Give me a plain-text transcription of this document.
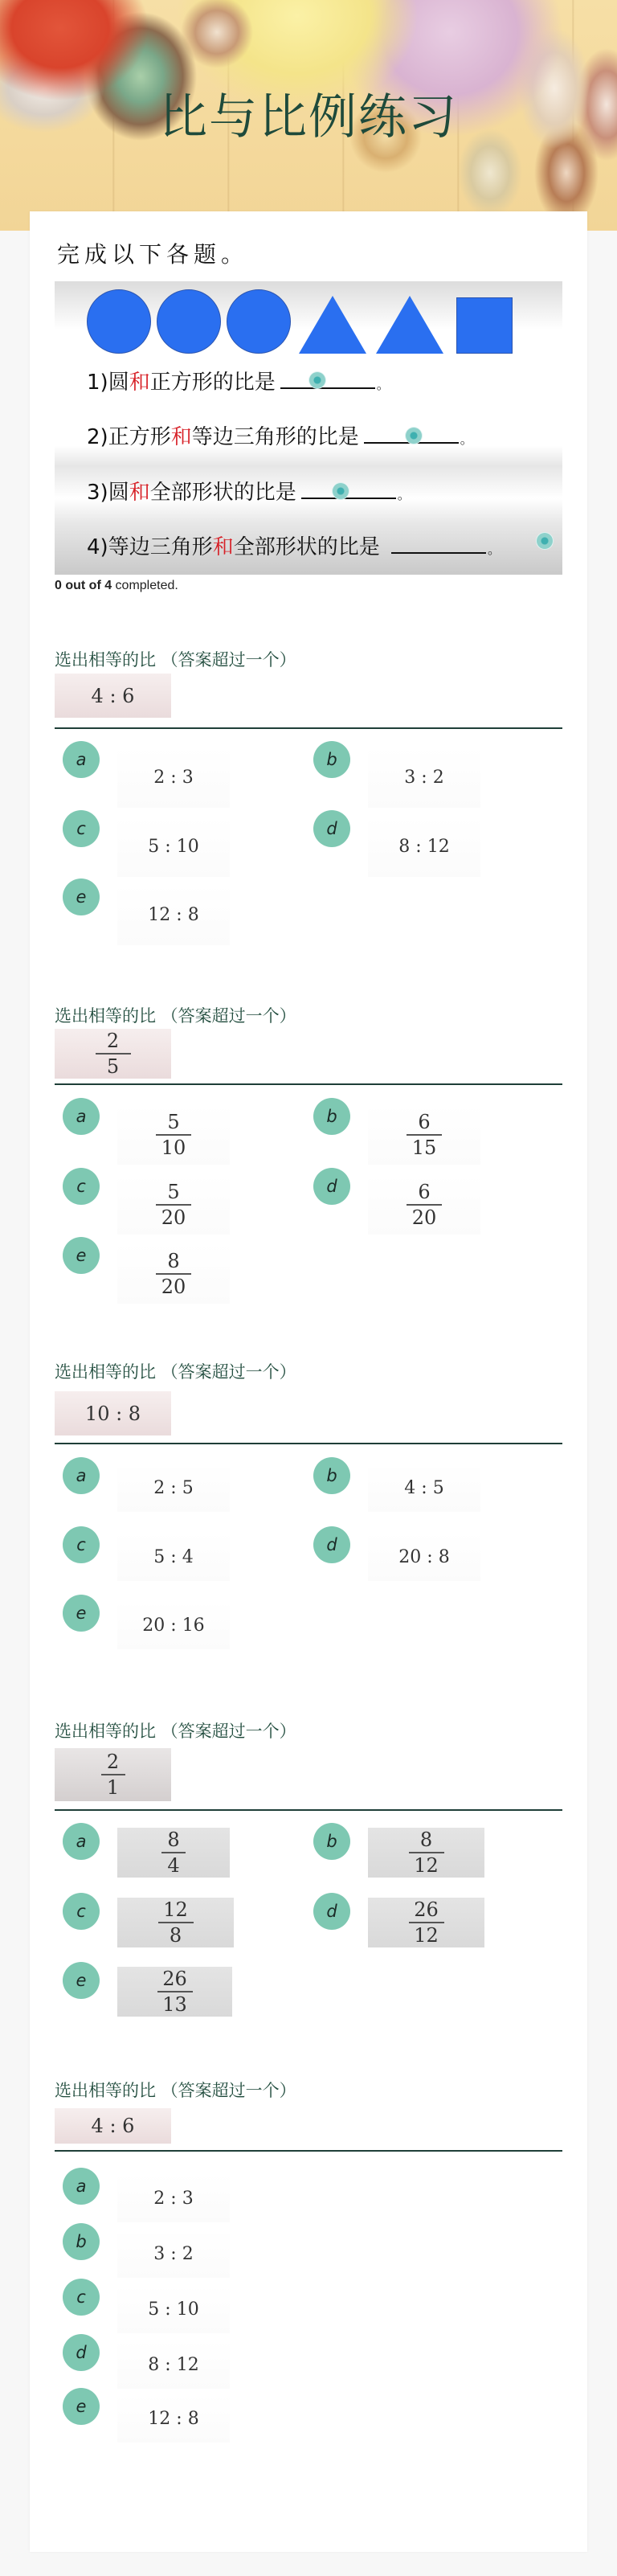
比与比例练习
完成以下各题。
1)圆和正方形的比是	。
2)正方形和等边三角形的比是	。
3)圆和全部形状的比是	。
4)等边三角形和全部形状的比是	。
0 out of 4 completed.
选出相等的比 （答案超过一个）
4 : 6
a
2 : 3
b
3 : 2
c
5 : 10
d
8 : 12
e
12 : 8
选出相等的比 （答案超过一个）
$\frac{2}{5}$
a	$\frac{5}{10}$	b	$\frac{6}{15}$
c	$\frac{5}{20}$	d	$\frac{6}{20}$
e	$\frac{8}{20}$
选出相等的比 （答案超过一个）
10 : 8
a
2 : 5
b
4 : 5
c
5 : 4
d
20 : 8
e
20 : 16
选出相等的比 （答案超过一个）
$\frac{2}{1}$
a	$\frac{8}{4}$	b	$\frac{8}{12}$
c	$\frac{12}{8}$	d	$\frac{26}{12}$
e	$\frac{26}{13}$
选出相等的比 （答案超过一个）
4 : 6
a
2 : 3
b
3 : 2
c
5 : 10
d
8 : 12
e
12 : 8
